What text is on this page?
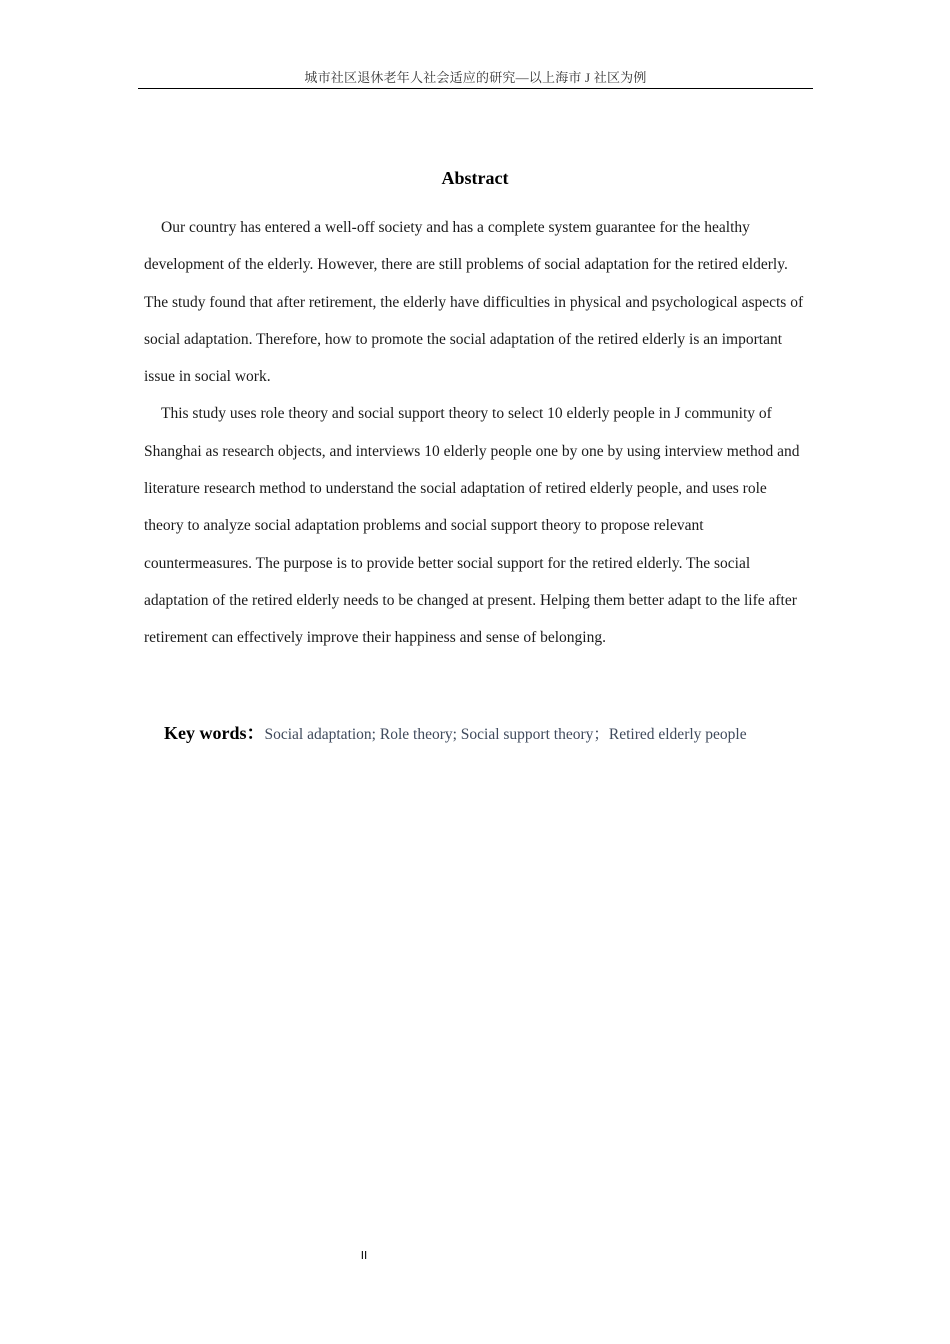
城市社区退休老年人社会适应的研究—以上海市 J 社区为例
Abstract

Our country has entered a well-off society and has a complete system guarantee for the healthy development of the elderly. However, there are still problems of social adaptation for the retired elderly. The study found that after retirement, the elderly have difficulties in physical and psychological aspects of social adaptation. Therefore, how to promote the social adaptation of the retired elderly is an important issue in social work.

This study uses role theory and social support theory to select 10 elderly people in J community of Shanghai as research objects, and interviews 10 elderly people one by one by using interview method and literature research method to understand the social adaptation of retired elderly people, and uses role theory to analyze social adaptation problems and social support theory to propose relevant countermeasures. The purpose is to provide better social support for the retired elderly. The social adaptation of the retired elderly needs to be changed at present. Helping them better adapt to the life after retirement can effectively improve their happiness and sense of belonging.

Key words：Social adaptation; Role theory; Social support theory；Retired elderly people
II
